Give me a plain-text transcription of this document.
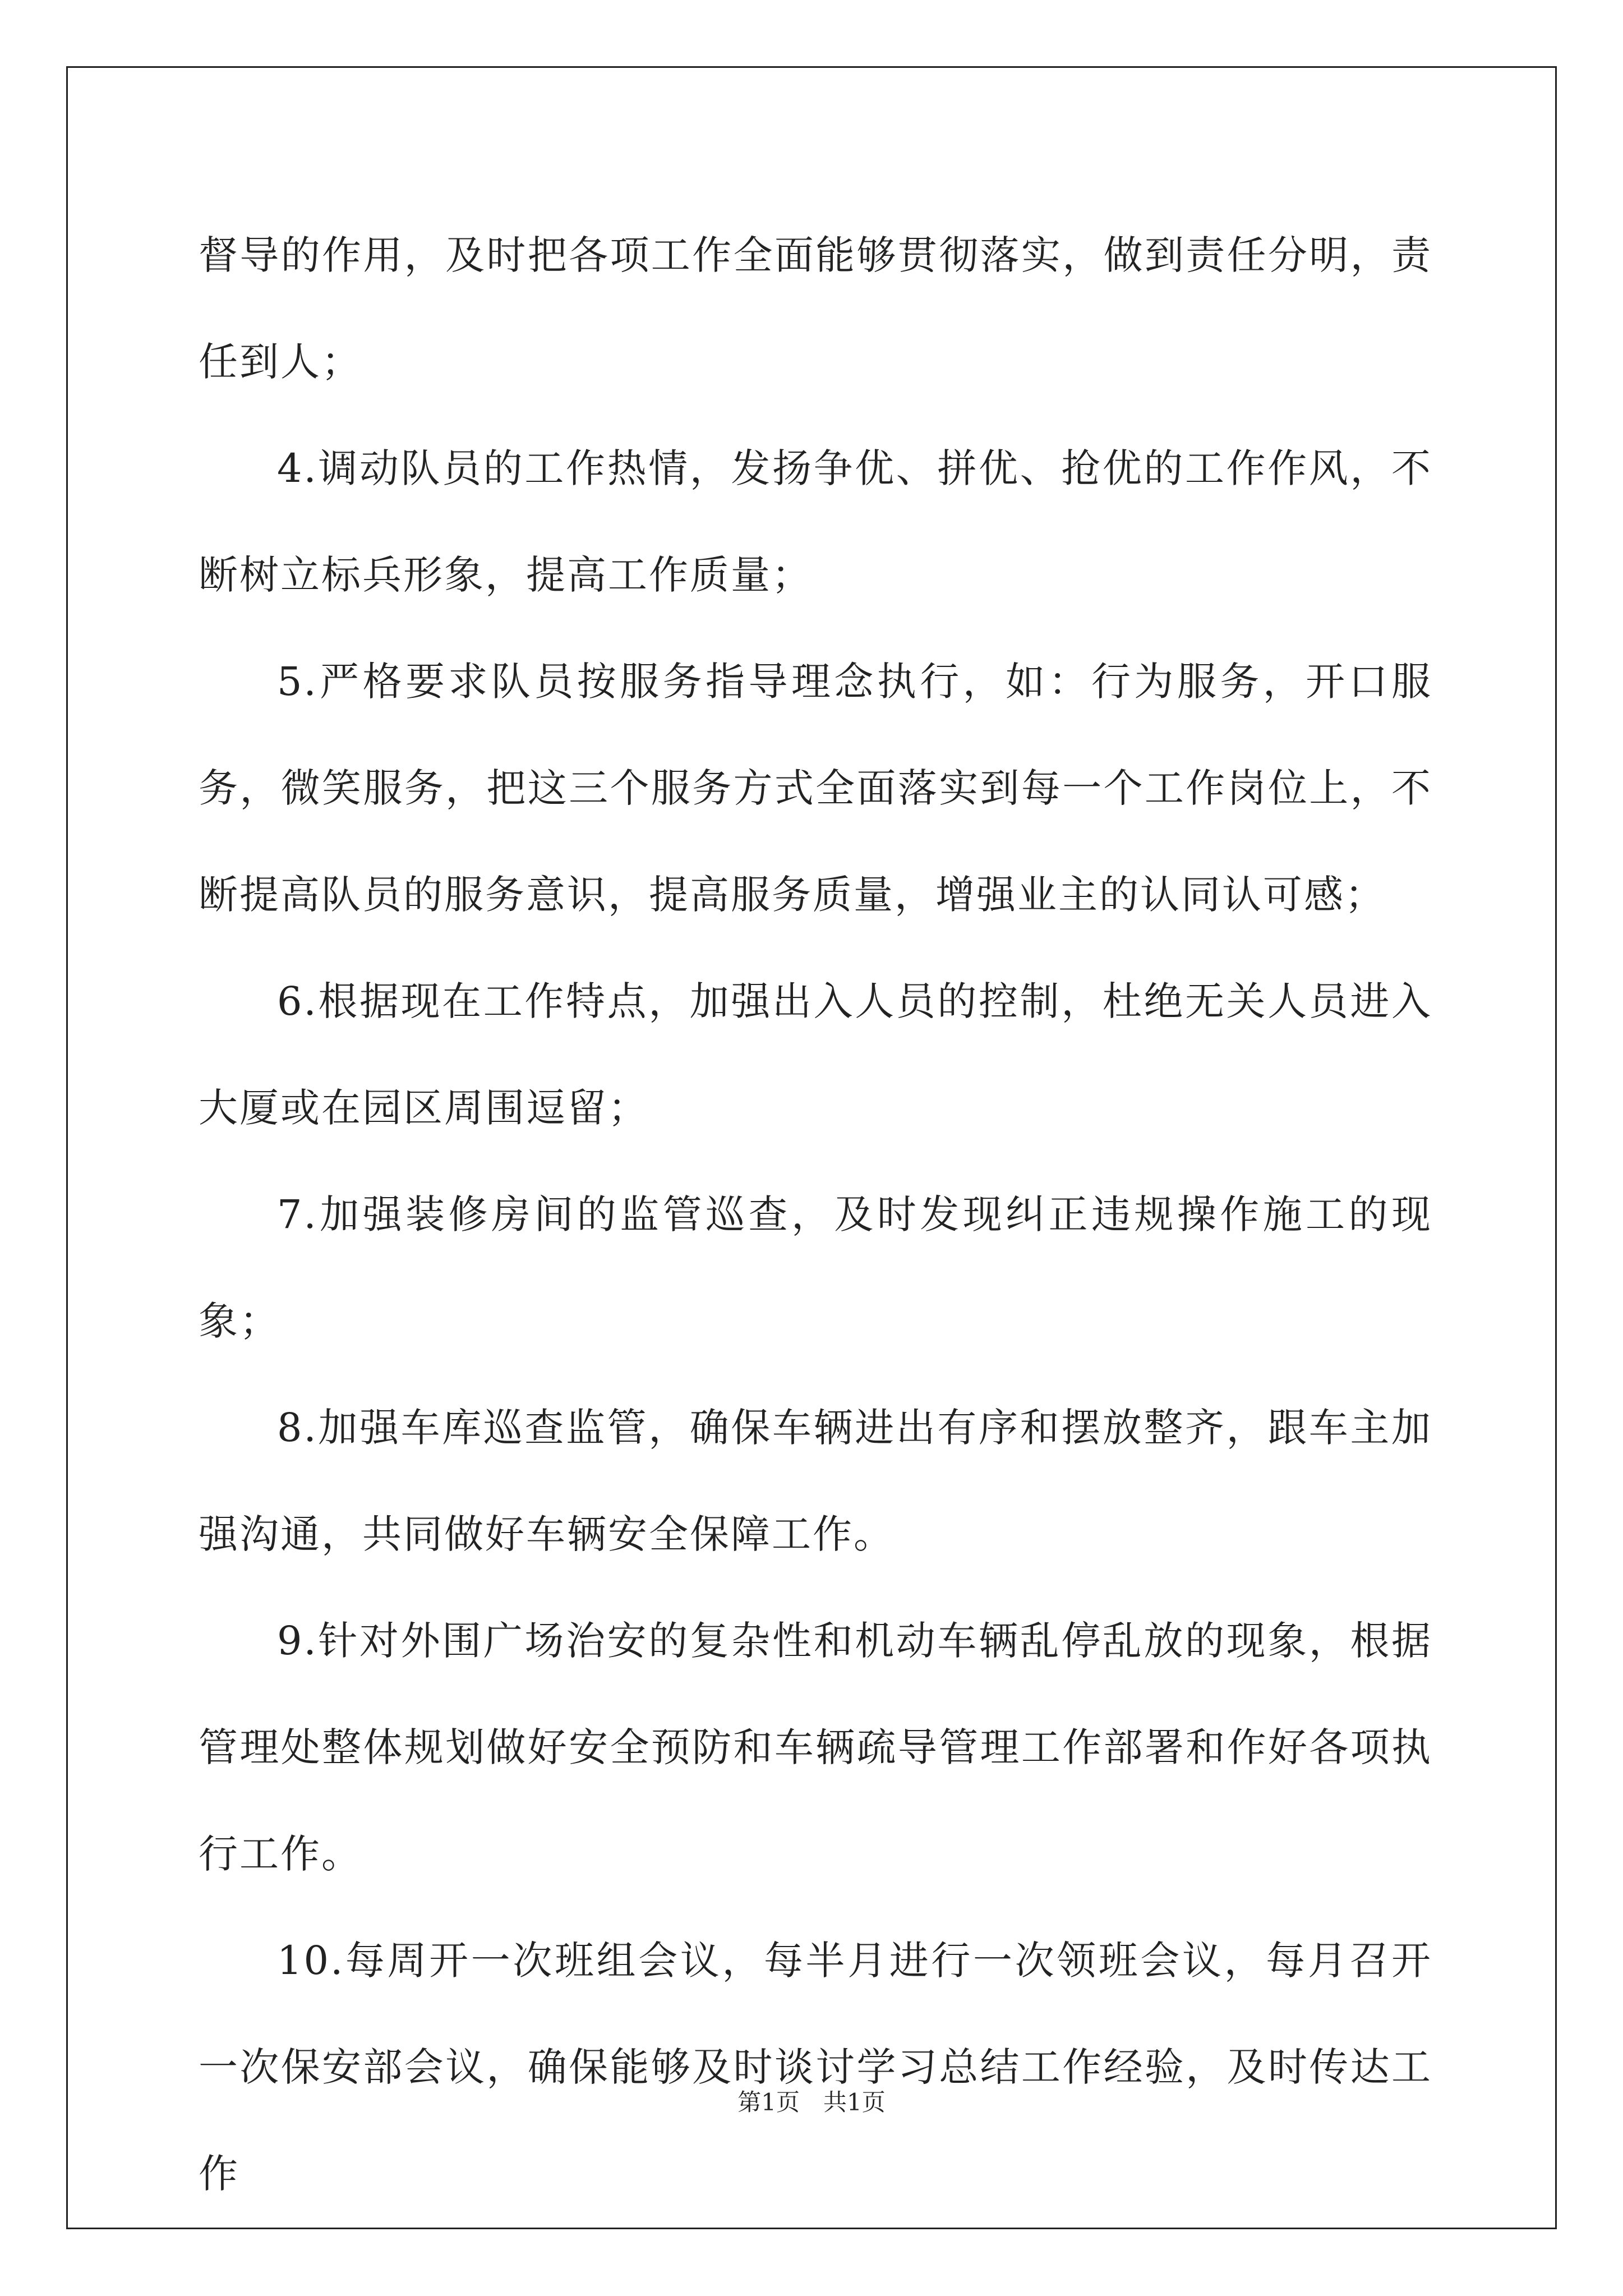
督导的作用，及时把各项工作全面能够贯彻落实，做到责任分明，责任到人；

4.调动队员的工作热情，发扬争优、拼优、抢优的工作作风，不断树立标兵形象，提高工作质量；

5.严格要求队员按服务指导理念执行，如：行为服务，开口服务，微笑服务，把这三个服务方式全面落实到每一个工作岗位上，不断提高队员的服务意识，提高服务质量，增强业主的认同认可感；

6.根据现在工作特点，加强出入人员的控制，杜绝无关人员进入大厦或在园区周围逗留；

7.加强装修房间的监管巡查，及时发现纠正违规操作施工的现象；

8.加强车库巡查监管，确保车辆进出有序和摆放整齐，跟车主加强沟通，共同做好车辆安全保障工作。

9.针对外围广场治安的复杂性和机动车辆乱停乱放的现象，根据管理处整体规划做好安全预防和车辆疏导管理工作部署和作好各项执行工作。

10.每周开一次班组会议，每半月进行一次领班会议，每月召开一次保安部会议，确保能够及时谈讨学习总结工作经验，及时传达工作

第1页　共1页
